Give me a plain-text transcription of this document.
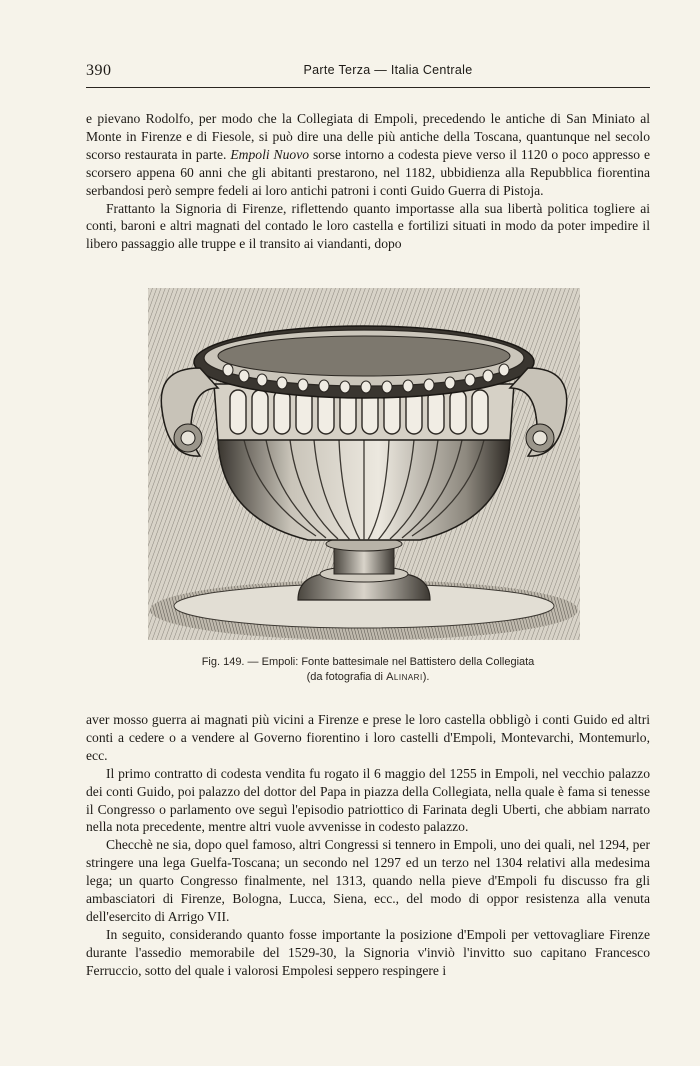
390	Parte Terza — Italia Centrale

e pievano Rodolfo, per modo che la Collegiata di Empoli, precedendo le antiche di San Miniato al Monte in Firenze e di Fiesole, si può dire una delle più antiche della Toscana, quantunque nel secolo scorso restaurata in parte. Empoli Nuovo sorse intorno a codesta pieve verso il 1120 o poco appresso e scorsero appena 60 anni che gli abitanti prestarono, nel 1182, ubbidienza alla Repubblica fiorentina serbandosi però sempre fedeli ai loro antichi patroni i conti Guido Guerra di Pistoja.

Frattanto la Signoria di Firenze, riflettendo quanto importasse alla sua libertà politica togliere ai conti, baroni e altri magnati del contado le loro castella e fortilizi situati in modo da poter impedire il libero passaggio alle truppe e il transito ai viandanti, dopo

Fig. 149. — Empoli: Fonte battesimale nel Battistero della Collegiata
(da fotografia di Alinari).

aver mosso guerra ai magnati più vicini a Firenze e prese le loro castella obbligò i conti Guido ed altri conti a cedere o a vendere al Governo fiorentino i loro castelli d'Empoli, Montevarchi, Montemurlo, ecc.

Il primo contratto di codesta vendita fu rogato il 6 maggio del 1255 in Empoli, nel vecchio palazzo dei conti Guido, poi palazzo del dottor del Papa in piazza della Collegiata, nella quale è fama si tenesse il Congresso o parlamento ove seguì l'episodio patriottico di Farinata degli Uberti, che abbiam narrato nella nota precedente, mentre altri vuole avvenisse in codesto palazzo.

Checchè ne sia, dopo quel famoso, altri Congressi si tennero in Empoli, uno dei quali, nel 1294, per stringere una lega Guelfa-Toscana; un secondo nel 1297 ed un terzo nel 1304 relativi alla medesima lega; un quarto Congresso finalmente, nel 1313, quando nella pieve d'Empoli fu discusso fra gli ambasciatori di Firenze, Bologna, Lucca, Siena, ecc., del modo di oppor resistenza alla venuta dell'esercito di Arrigo VII.

In seguito, considerando quanto fosse importante la posizione d'Empoli per vettovagliare Firenze durante l'assedio memorabile del 1529-30, la Signoria v'inviò l'invitto suo capitano Francesco Ferruccio, sotto del quale i valorosi Empolesi seppero respingere i
